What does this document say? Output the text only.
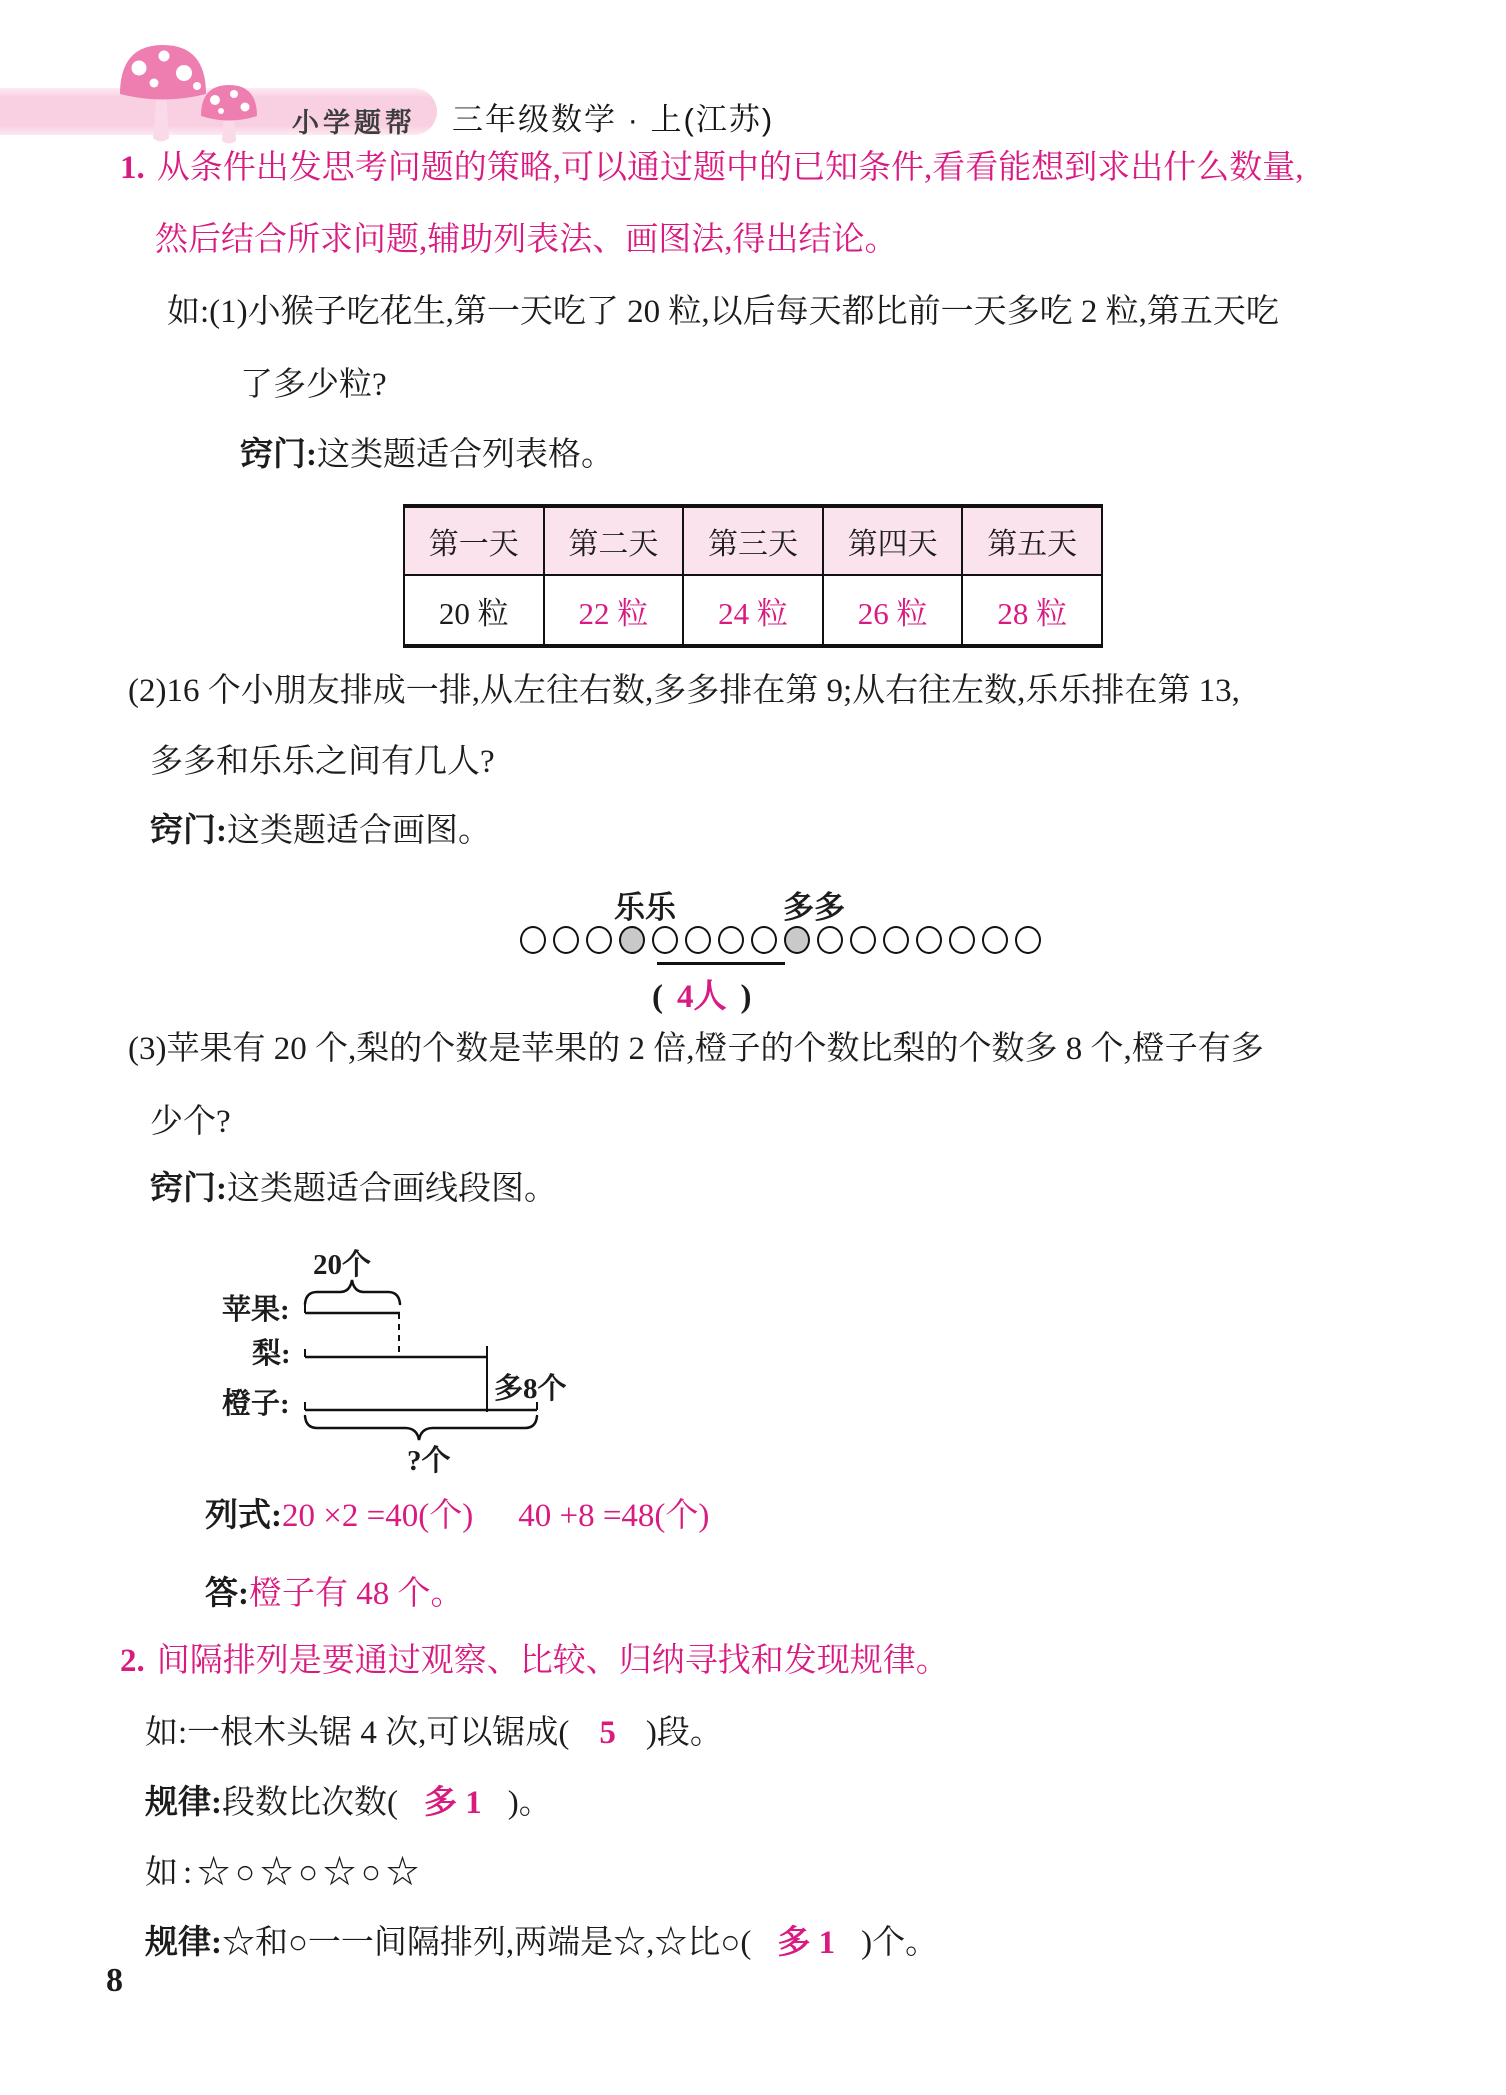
小学题帮 三年级数学 · 上(江苏)
1. 从条件出发思考问题的策略,可以通过题中的已知条件,看看能想到求出什么数量,
然后结合所求问题,辅助列表法、画图法,得出结论。
如:(1)小猴子吃花生,第一天吃了 20 粒,以后每天都比前一天多吃 2 粒,第五天吃
了多少粒?
窍门:这类题适合列表格。
第一天	第二天	第三天	第四天	第五天
20 粒	22 粒	24 粒	26 粒	28 粒
(2)16 个小朋友排成一排,从左往右数,多多排在第 9;从右往左数,乐乐排在第 13,
多多和乐乐之间有几人?
窍门:这类题适合画图。
乐乐	多多
( 4人 )
(3)苹果有 20 个,梨的个数是苹果的 2 倍,橙子的个数比梨的个数多 8 个,橙子有多
少个?
窍门:这类题适合画线段图。
20个
苹果:
梨:
橙子:	多8个
?个
列式:20 ×2 =40(个) 40 +8 =48(个)
答:橙子有 48 个。
2. 间隔排列是要通过观察、比较、归纳寻找和发现规律。
如:一根木头锯 4 次,可以锯成( 5 )段。
规律:段数比次数( 多 1 )。
如:☆○☆○☆○☆
规律:☆和○一一间隔排列,两端是☆,☆比○( 多 1 )个。
8
